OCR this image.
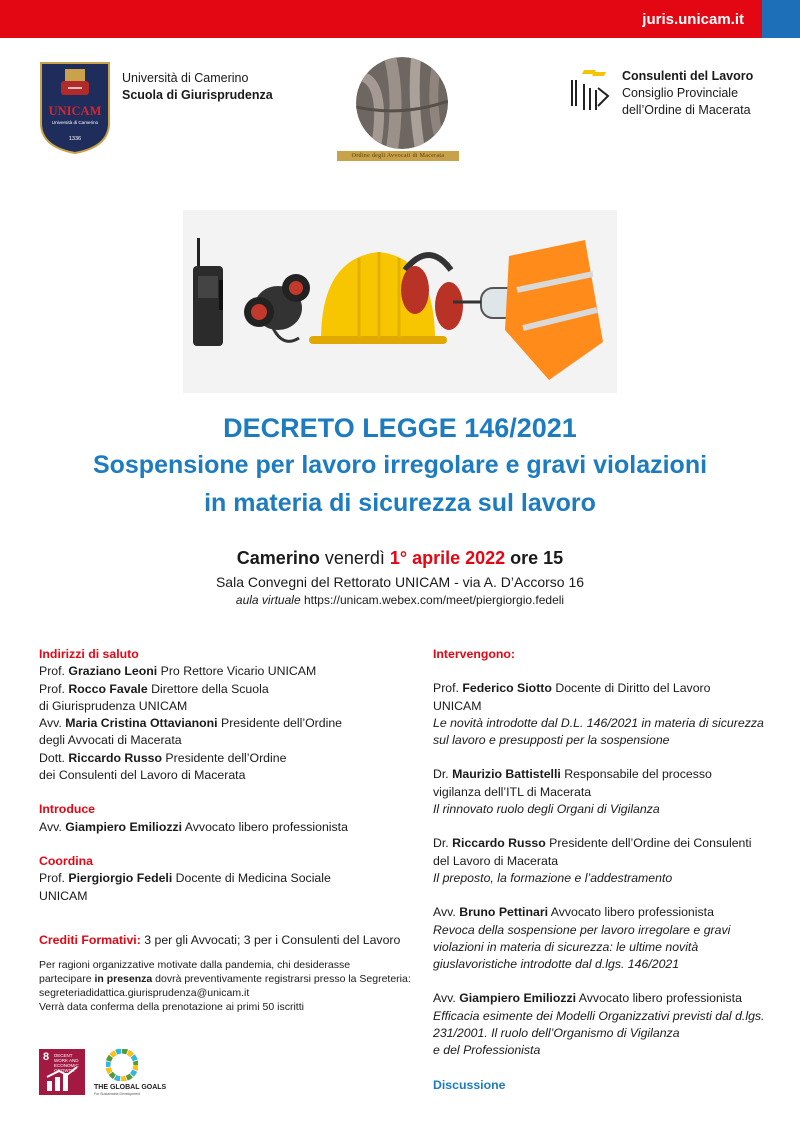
juris.unicam.it
UNICAM
Università di Camerino
1336
Università di Camerino
Scuola di Giurisprudenza
Ordine degli Avvocati di Macerata
Consulenti del Lavoro
Consiglio Provinciale
dell’Ordine di Macerata
DECRETO LEGGE 146/2021
Sospensione per lavoro irregolare e gravi violazioni
in materia di sicurezza sul lavoro
Camerino venerdì 1° aprile 2022 ore 15
Sala Convegni del Rettorato UNICAM - via A. D’Accorso 16
aula virtuale https://unicam.webex.com/meet/piergiorgio.fedeli
Indirizzi di saluto
Prof. Graziano Leoni Pro Rettore Vicario UNICAM
Prof. Rocco Favale Direttore della Scuola
di Giurisprudenza UNICAM
Avv. Maria Cristina Ottavianoni Presidente dell’Ordine
degli Avvocati di Macerata
Dott. Riccardo Russo Presidente dell’Ordine
dei Consulenti del Lavoro di Macerata
Introduce
Avv. Giampiero Emiliozzi Avvocato libero professionista
Coordina
Prof. Piergiorgio Fedeli Docente di Medicina Sociale
UNICAM
Crediti Formativi: 3 per gli Avvocati; 3 per i Consulenti del Lavoro
Per ragioni organizzative motivate dalla pandemia, chi desiderasse
partecipare in presenza dovrà preventivamente registrarsi presso la Segreteria:
segreteriadidattica.giurisprudenza@unicam.it
Verrà data conferma della prenotazione ai primi 50 iscritti
Intervengono:
Prof. Federico Siotto Docente di Diritto del Lavoro
UNICAM
Le novità introdotte dal D.L. 146/2021 in materia di sicurezza
sul lavoro e presupposti per la sospensione
Dr. Maurizio Battistelli Responsabile del processo
vigilanza dell’ITL di Macerata
Il rinnovato ruolo degli Organi di Vigilanza
Dr. Riccardo Russo Presidente dell’Ordine dei Consulenti
del Lavoro di Macerata
Il preposto, la formazione e l’addestramento
Avv. Bruno Pettinari Avvocato libero professionista
Revoca della sospensione per lavoro irregolare e gravi
violazioni in materia di sicurezza: le ultime novità
giuslavoristiche introdotte dal d.lgs. 146/2021
Avv. Giampiero Emiliozzi Avvocato libero professionista
Efficacia esimente dei Modelli Organizzativi previsti dal d.lgs.
231/2001. Il ruolo dell’Organismo di Vigilanza
e del Professionista
Discussione
8 DECENT WORK AND ECONOMIC GROWTH
THE GLOBAL GOALS
For Sustainable Development
